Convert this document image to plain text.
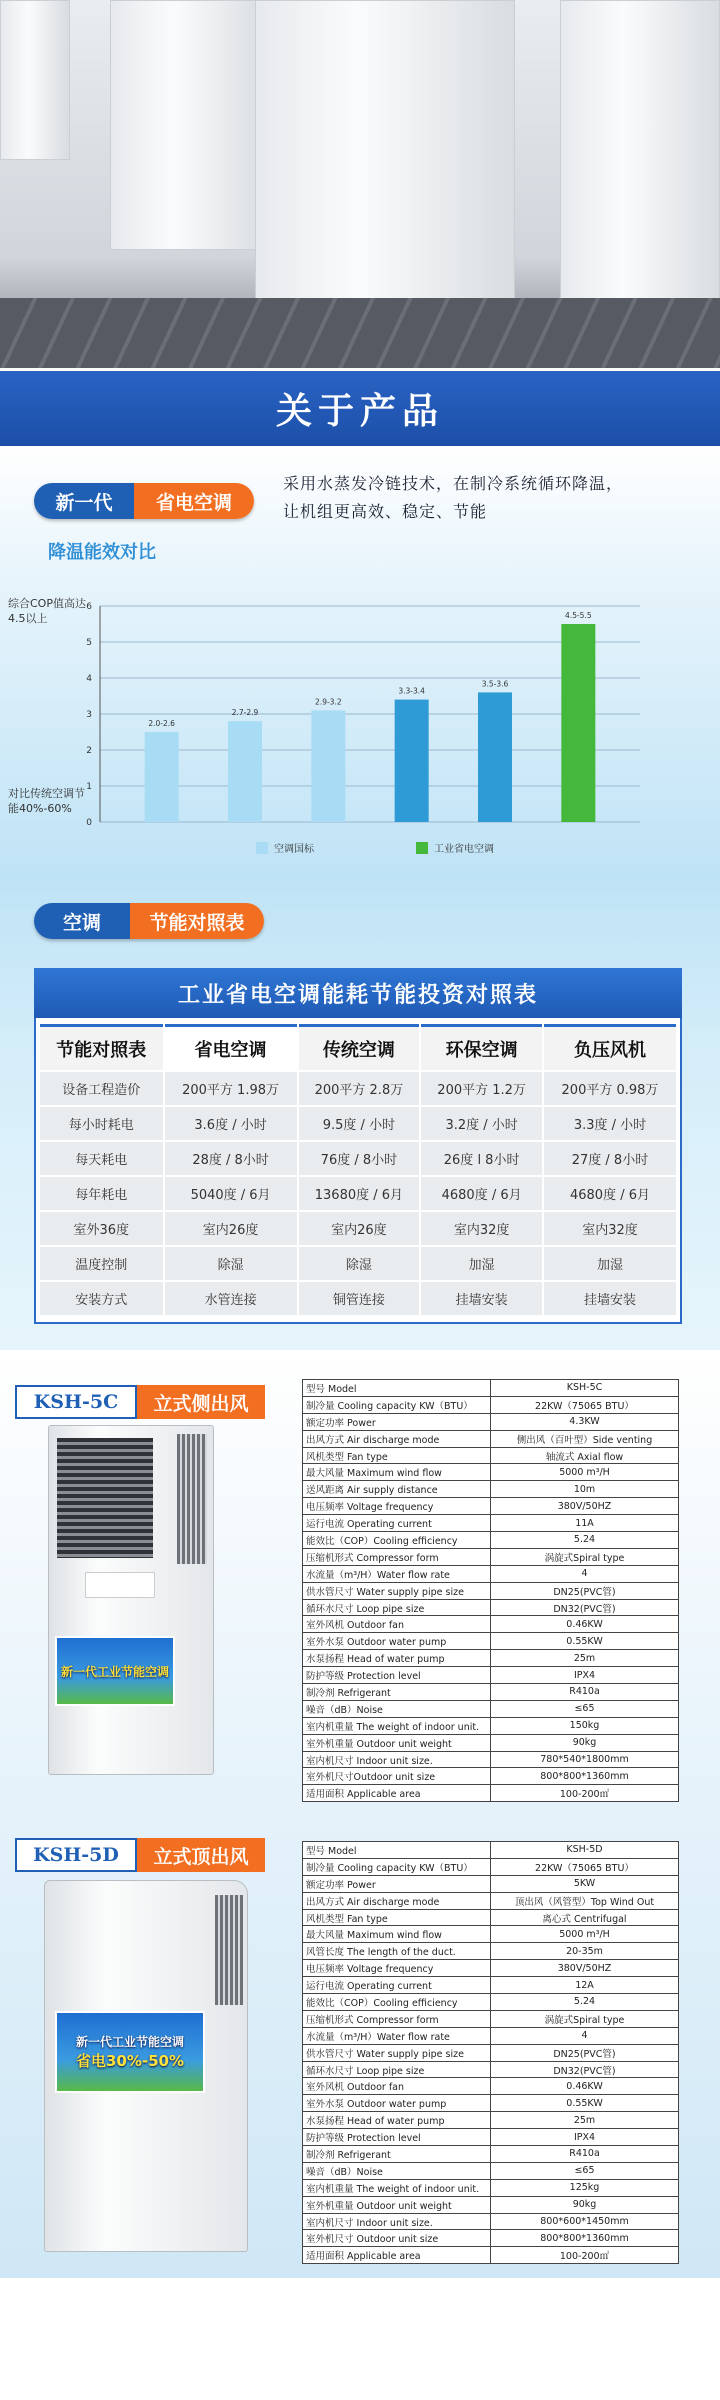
关于产品
新一代	省电空调
采用水蒸发冷链技术，在制冷系统循环降温，
让机组更高效、稳定、节能
降温能效对比
综合COP值高达4.5以上
对比传统空调节能40%-60%
0
1
2
3
4
5
6
2.0-2.6
2.7-2.9
2.9-3.2
3.3-3.4
3.5-3.6
4.5-5.5
空调国标	工业省电空调
空调	节能对照表
工业省电空调能耗节能投资对照表
节能对照表	省电空调	传统空调	环保空调	负压风机
设备工程造价	200平方 1.98万	200平方 2.8万	200平方 1.2万	200平方 0.98万
每小时耗电	3.6度 / 小时	9.5度 / 小时	3.2度 / 小时	3.3度 / 小时
每天耗电	28度 / 8小时	76度 / 8小时	26度 l 8小时	27度 / 8小时
每年耗电	5040度 / 6月	13680度 / 6月	4680度 / 6月	4680度 / 6月
室外36度	室内26度	室内26度	室内32度	室内32度
温度控制	除湿	除湿	加湿	加湿
安装方式	水管连接	铜管连接	挂墙安装	挂墙安装
KSH-5C	立式侧出风
新一代工业节能空调
型号 Model	KSH-5C
制冷量 Cooling capacity KW（BTU）	22KW（75065 BTU）
额定功率 Power	4.3KW
出风方式 Air discharge mode	侧出风（百叶型）Side venting
风机类型 Fan type	轴流式 Axial flow
最大风量 Maximum wind flow	5000 m³/H
送风距离 Air supply distance	10m
电压频率 Voltage frequency	380V/50HZ
运行电流 Operating current	11A
能效比（COP）Cooling efficiency	5.24
压缩机形式 Compressor form	涡旋式Spiral type
水流量（m³/H）Water flow rate	4
供水管尺寸 Water supply pipe size	DN25(PVC管)
循环水尺寸 Loop pipe size	DN32(PVC管)
室外风机 Outdoor fan	0.46KW
室外水泵 Outdoor water pump	0.55KW
水泵扬程 Head of water pump	25m
防护等级 Protection level	IPX4
制冷剂 Refrigerant	R410a
噪音（dB）Noise	≤65
室内机重量 The weight of indoor unit.	150kg
室外机重量 Outdoor unit weight	90kg
室内机尺寸 Indoor unit size.	780*540*1800mm
室外机尺寸Outdoor unit size	800*800*1360mm
适用面积 Applicable area	100-200㎡
KSH-5D	立式顶出风
新一代工业节能空调
省电30%-50%
型号 Model	KSH-5D
制冷量 Cooling capacity KW（BTU）	22KW（75065 BTU）
额定功率 Power	5KW
出风方式 Air discharge mode	顶出风（风管型）Top Wind Out
风机类型 Fan type	离心式 Centrifugal
最大风量 Maximum wind flow	5000 m³/H
风管长度 The length of the duct.	20-35m
电压频率 Voltage frequency	380V/50HZ
运行电流 Operating current	12A
能效比（COP）Cooling efficiency	5.24
压缩机形式 Compressor form	涡旋式Spiral type
水流量（m³/H）Water flow rate	4
供水管尺寸 Water supply pipe size	DN25(PVC管)
循环水尺寸 Loop pipe size	DN32(PVC管)
室外风机 Outdoor fan	0.46KW
室外水泵 Outdoor water pump	0.55KW
水泵扬程 Head of water pump	25m
防护等级 Protection level	IPX4
制冷剂 Refrigerant	R410a
噪音（dB）Noise	≤65
室内机重量 The weight of indoor unit.	125kg
室外机重量 Outdoor unit weight	90kg
室内机尺寸 Indoor unit size.	800*600*1450mm
室外机尺寸 Outdoor unit size	800*800*1360mm
适用面积 Applicable area	100-200㎡
